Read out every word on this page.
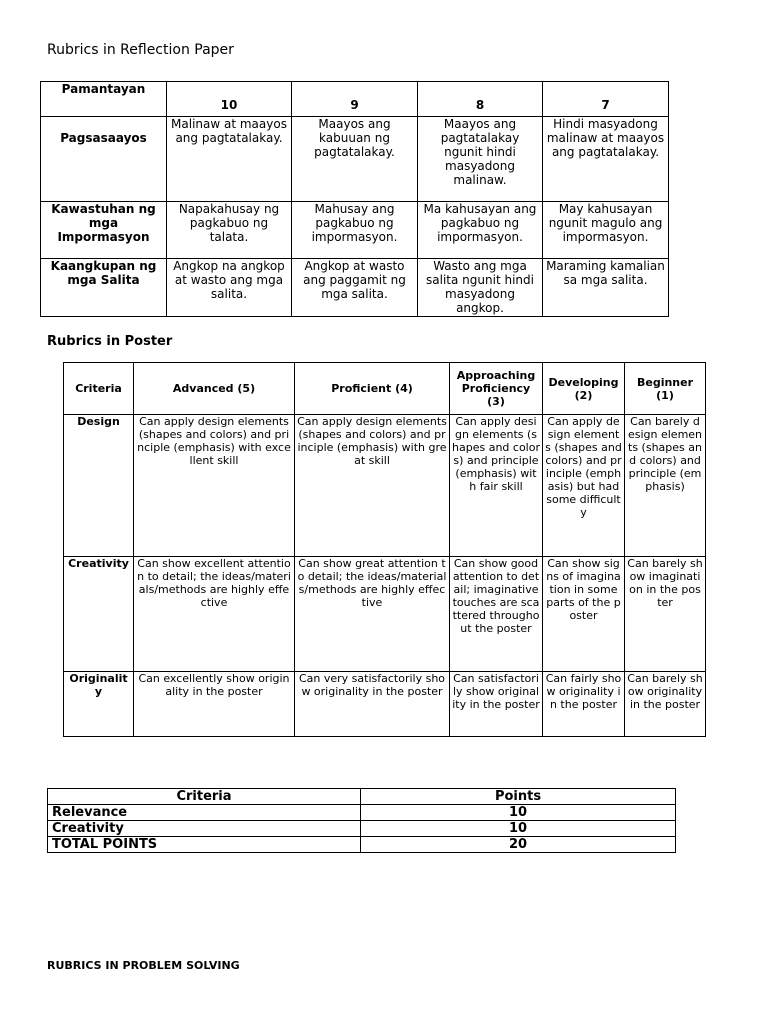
Rubrics in Reflection Paper
Pamantayan	10	9	8	7
Pagsasaayos	Malinaw at maayos ang pagtatalakay.	Maayos ang kabuuan ng pagtatalakay.	Maayos ang pagtatalakay ngunit hindi masyadong malinaw.	Hindi masyadong malinaw at maayos ang pagtatalakay.
Kawastuhan ng mga Impormasyon	Napakahusay ng pagkabuo ng talata.	Mahusay ang pagkabuo ng impormasyon.	Ma kahusayan ang pagkabuo ng impormasyon.	May kahusayan ngunit magulo ang impormasyon.
Kaangkupan ng mga Salita	Angkop na angkop at wasto ang mga salita.	Angkop at wasto ang paggamit ng mga salita.	Wasto ang mga salita ngunit hindi masyadong angkop.	Maraming kamalian sa mga salita.
Rubrics in Poster
Criteria	Advanced (5)	Proficient (4)	Approaching Proficiency (3)	Developing (2)	Beginner (1)
Design	Can apply design elements (shapes and colors) and principle (emphasis) with excellent skill	Can apply design elements (shapes and colors) and principle (emphasis) with great skill	Can apply design elements (shapes and colors) and principle (emphasis) with fair skill	Can apply design elements (shapes and colors) and principle (emphasis) but had some difficulty	Can barely design elements (shapes and colors) and principle (emphasis)
Creativity	Can show excellent attention to detail; the ideas/materials/methods are highly effective	Can show great attention to detail; the ideas/materials/methods are highly effective	Can show good attention to detail; imaginative touches are scattered throughout the poster	Can show signs of imagination in some parts of the poster	Can barely show imagination in the poster
Originality	Can excellently show originality in the poster	Can very satisfactorily show originality in the poster	Can satisfactorily show originality in the poster	Can fairly show originality in the poster	Can barely show originality in the poster
Criteria	Points
Relevance	10
Creativity	10
TOTAL POINTS	20
RUBRICS IN PROBLEM SOLVING
